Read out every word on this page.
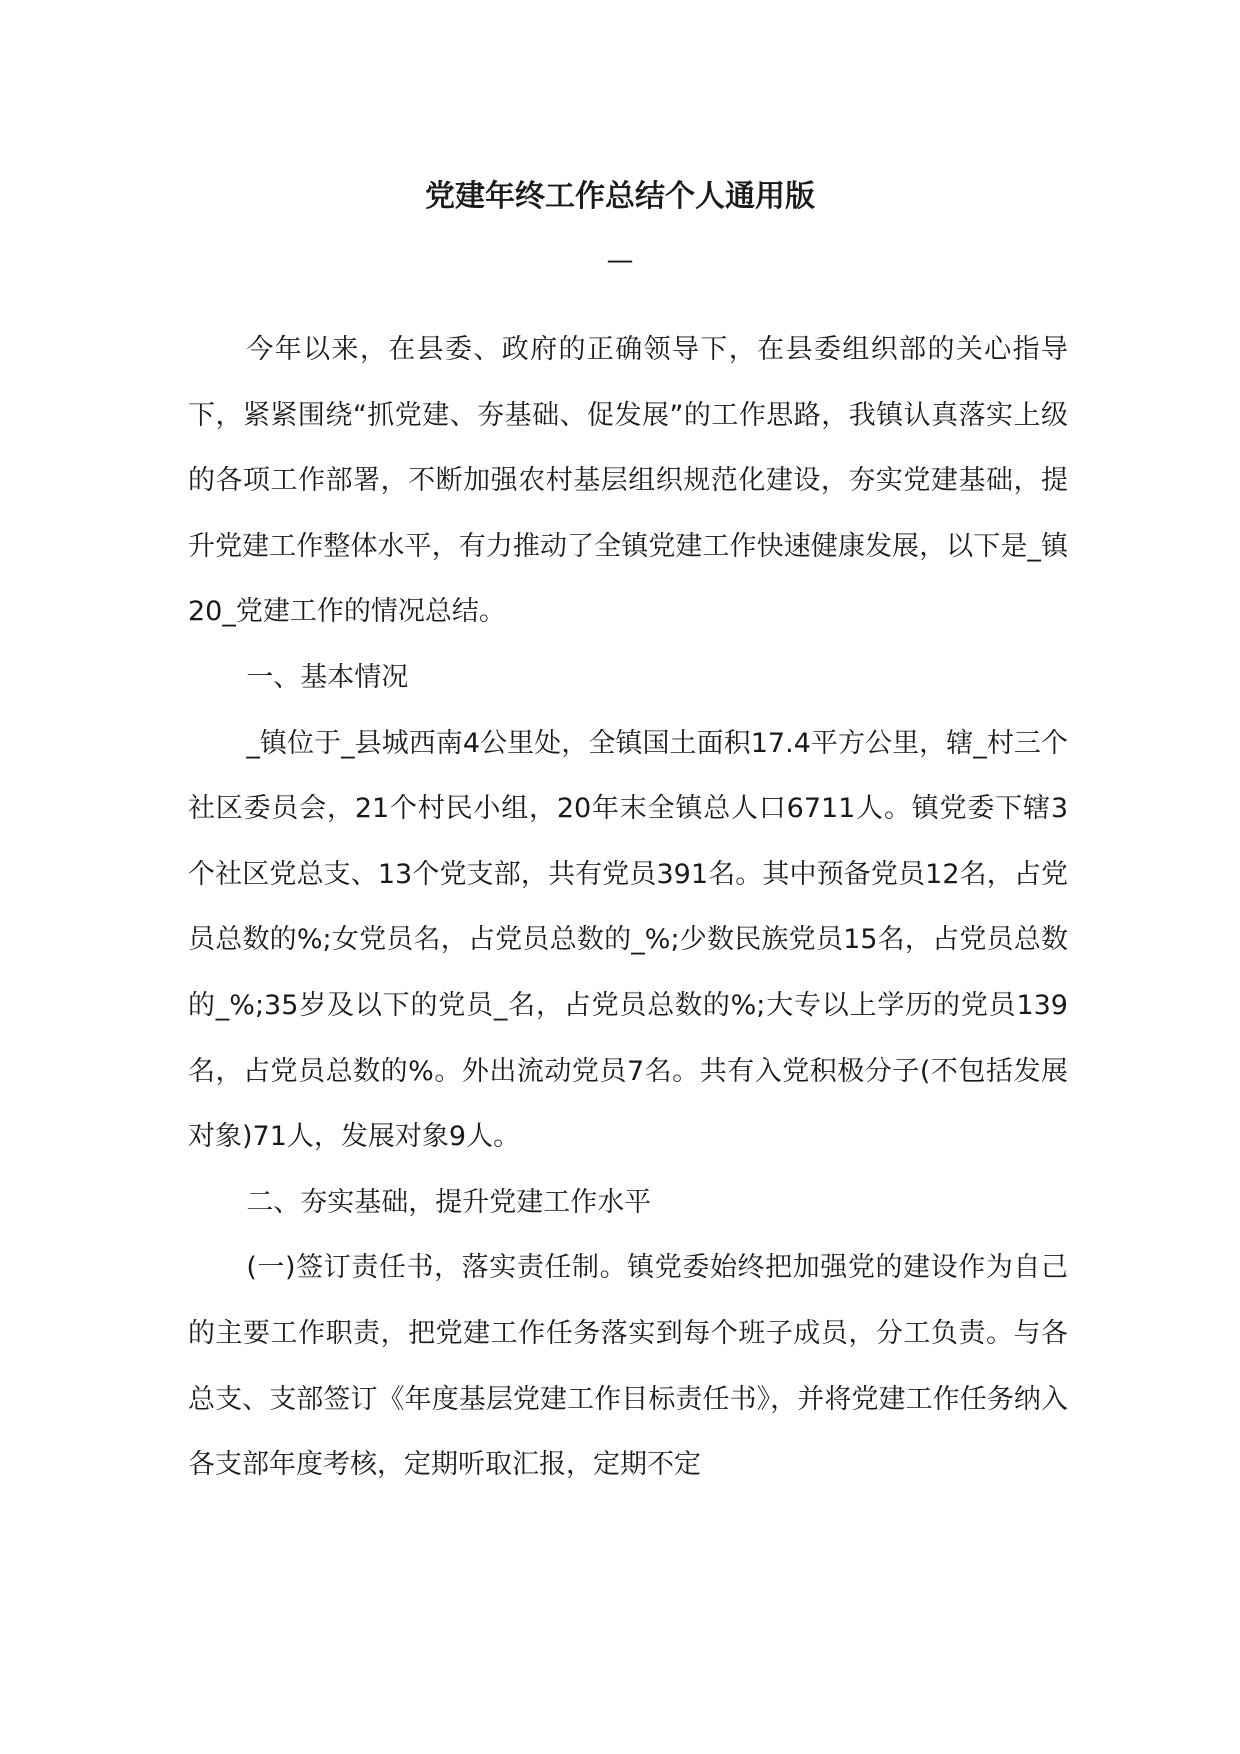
党建年终工作总结个人通用版
—

今年以来，在县委、政府的正确领导下，在县委组织部的关心指导下，紧紧围绕“抓党建、夯基础、促发展”的工作思路，我镇认真落实上级的各项工作部署，不断加强农村基层组织规范化建设，夯实党建基础，提升党建工作整体水平，有力推动了全镇党建工作快速健康发展，以下是_镇20_党建工作的情况总结。

一、基本情况

_镇位于_县城西南4公里处，全镇国土面积17.4平方公里，辖_村三个社区委员会，21个村民小组，20年末全镇总人口6711人。镇党委下辖3个社区党总支、13个党支部，共有党员391名。其中预备党员12名，占党员总数的%;女党员名，占党员总数的_%;少数民族党员15名，占党员总数的_%;35岁及以下的党员_名，占党员总数的%;大专以上学历的党员139名，占党员总数的%。外出流动党员7名。共有入党积极分子(不包括发展对象)71人，发展对象9人。

二、夯实基础，提升党建工作水平

(一)签订责任书，落实责任制。镇党委始终把加强党的建设作为自己的主要工作职责，把党建工作任务落实到每个班子成员，分工负责。与各总支、支部签订《年度基层党建工作目标责任书》，并将党建工作任务纳入各支部年度考核，定期听取汇报，定期不定
